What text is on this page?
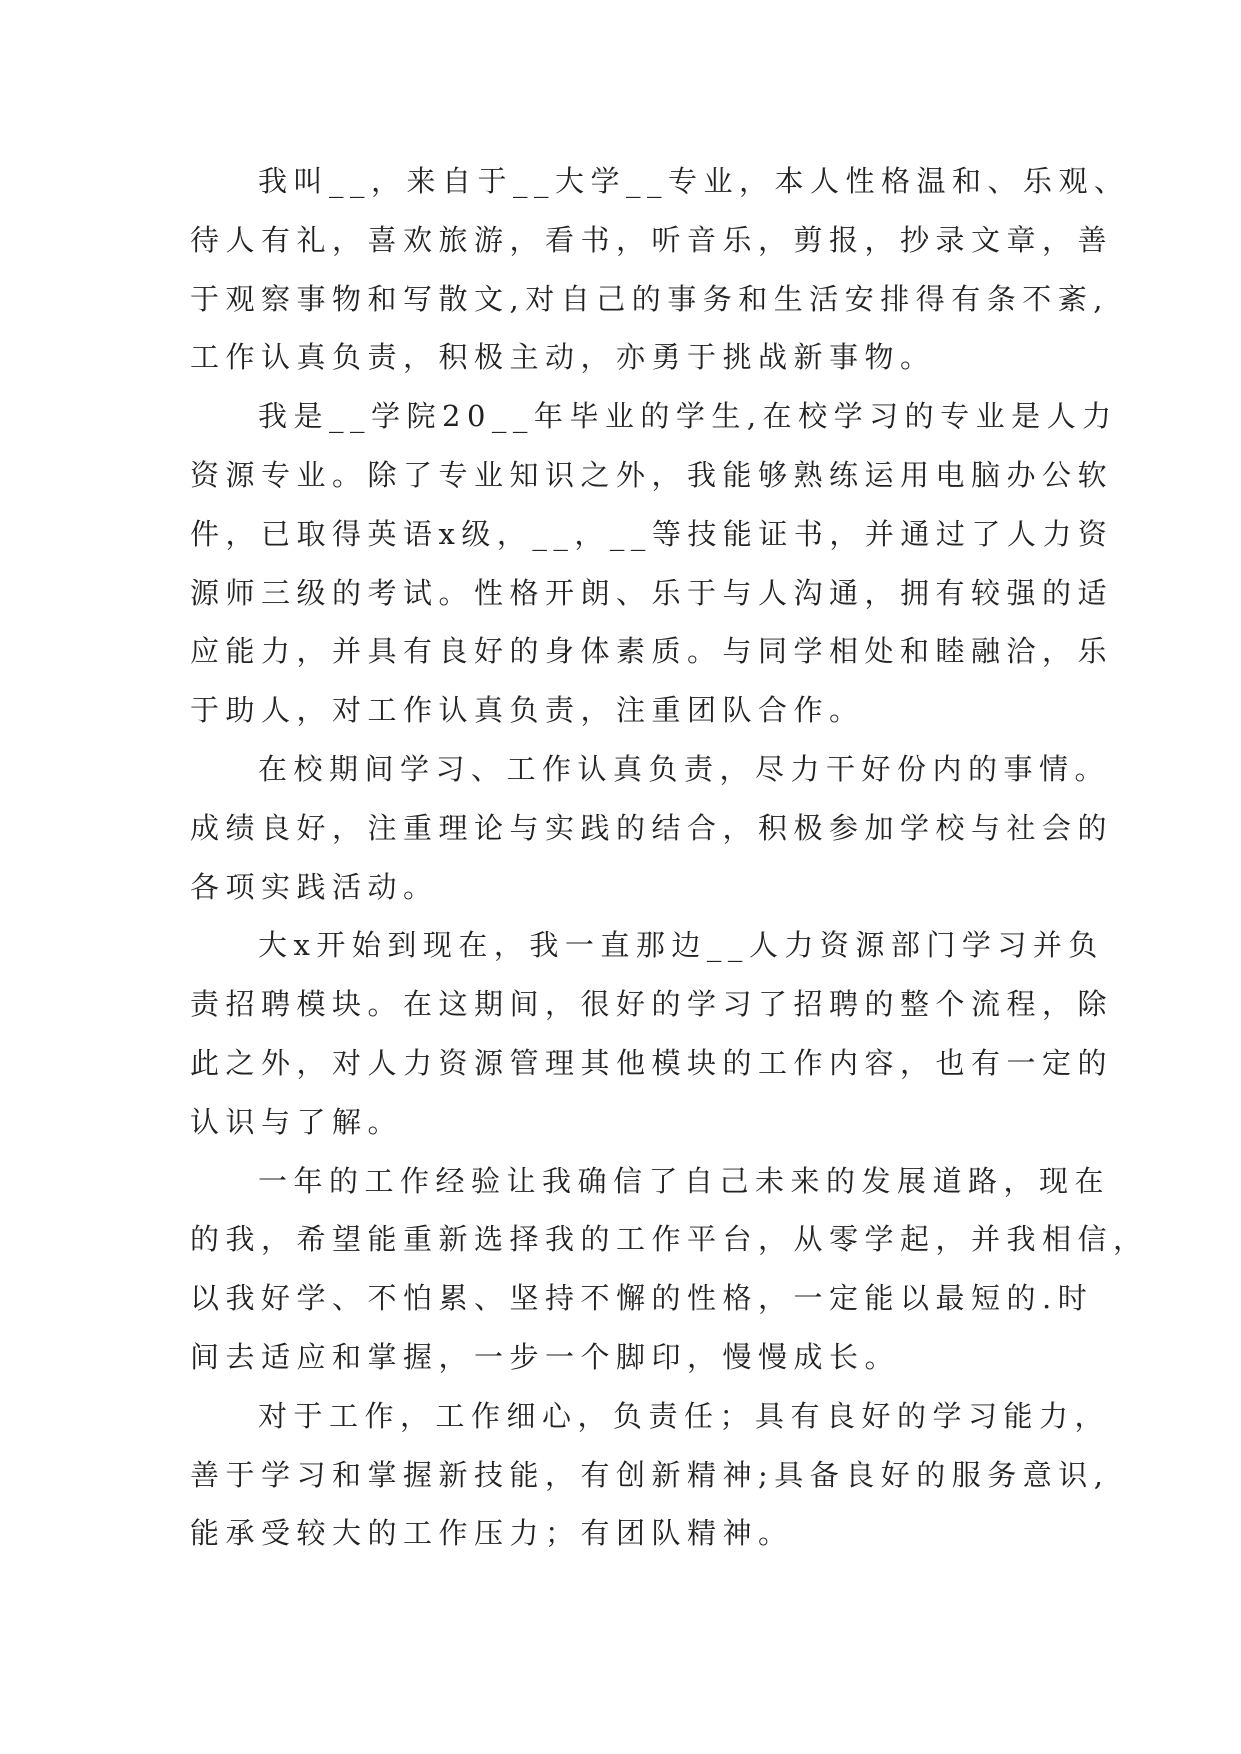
我叫__，来自于__大学__专业，本人性格温和、乐观、
待人有礼，喜欢旅游，看书，听音乐，剪报，抄录文章，善
于观察事物和写散文,对自己的事务和生活安排得有条不紊,
工作认真负责，积极主动，亦勇于挑战新事物。
我是__学院20__年毕业的学生,在校学习的专业是人力
资源专业。除了专业知识之外，我能够熟练运用电脑办公软
件，已取得英语x级，__，__等技能证书，并通过了人力资
源师三级的考试。性格开朗、乐于与人沟通，拥有较强的适
应能力，并具有良好的身体素质。与同学相处和睦融洽，乐
于助人，对工作认真负责，注重团队合作。
在校期间学习、工作认真负责，尽力干好份内的事情。
成绩良好，注重理论与实践的结合，积极参加学校与社会的
各项实践活动。
大x开始到现在，我一直那边__人力资源部门学习并负
责招聘模块。在这期间，很好的学习了招聘的整个流程，除
此之外，对人力资源管理其他模块的工作内容，也有一定的
认识与了解。
一年的工作经验让我确信了自己未来的发展道路，现在
的我，希望能重新选择我的工作平台，从零学起，并我相信，
以我好学、不怕累、坚持不懈的性格，一定能以最短的.时
间去适应和掌握，一步一个脚印，慢慢成长。
对于工作，工作细心，负责任；具有良好的学习能力，
善于学习和掌握新技能，有创新精神;具备良好的服务意识,
能承受较大的工作压力；有团队精神。
